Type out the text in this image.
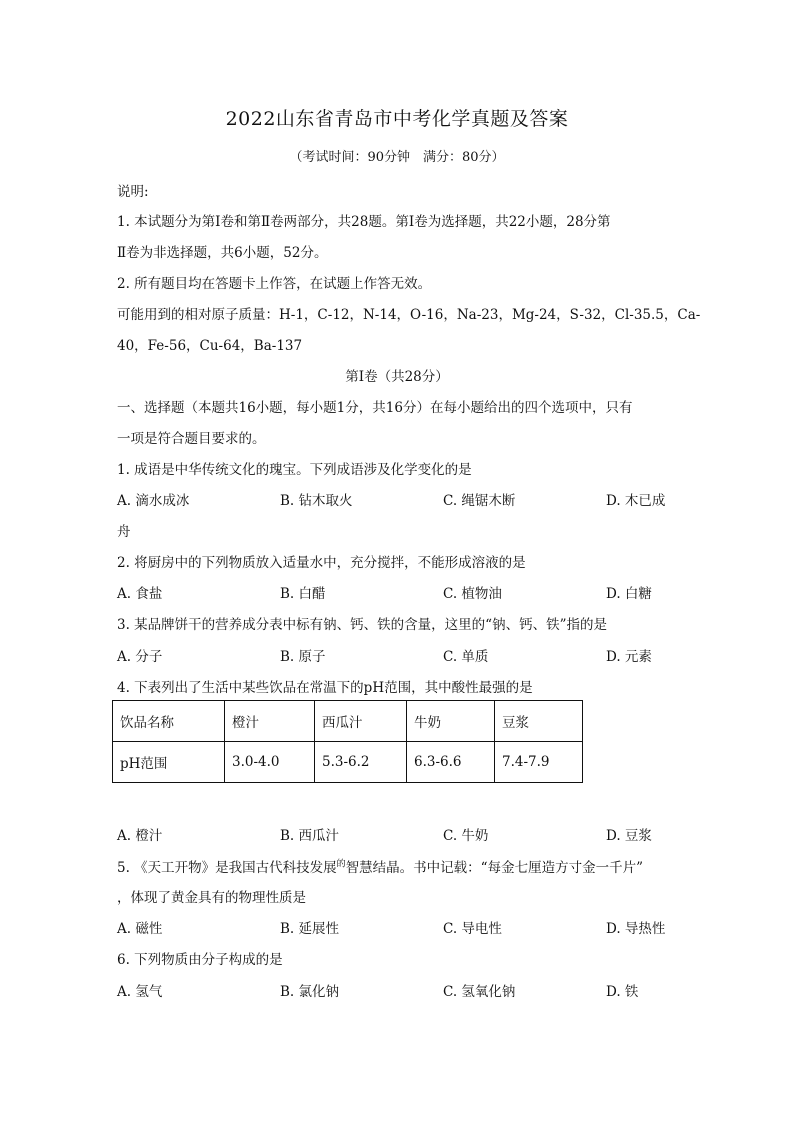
2022山东省青岛市中考化学真题及答案
（考试时间：90分钟　满分：80分）
说明:
1. 本试题分为第I卷和第Ⅱ卷两部分，共28题。第I卷为选择题，共22小题，28分第
Ⅱ卷为非选择题，共6小题，52分。
2. 所有题目均在答题卡上作答，在试题上作答无效。
可能用到的相对原子质量：H-1，C-12，N-14，O-16，Na-23，Mg-24，S-32，Cl-35.5，Ca-
40，Fe-56，Cu-64，Ba-137
第I卷（共28分）
一、选择题（本题共16小题，每小题1分，共16分）在每小题给出的四个选项中，只有
一项是符合题目要求的。
1. 成语是中华传统文化的瑰宝。下列成语涉及化学变化的是
A. 滴水成冰	B. 钻木取火	C. 绳锯木断	D. 木已成
舟
2. 将厨房中的下列物质放入适量水中，充分搅拌，不能形成溶液的是
A. 食盐	B. 白醋	C. 植物油	D. 白糖
3. 某品牌饼干的营养成分表中标有钠、钙、铁的含量，这里的“钠、钙、铁”指的是
A. 分子	B. 原子	C. 单质	D. 元素
4. 下表列出了生活中某些饮品在常温下的pH范围，其中酸性最强的是
饮品名称	橙汁	西瓜汁	牛奶	豆浆
pH范围	3.0-4.0	5.3-6.2	6.3-6.6	7.4-7.9
A. 橙汁	B. 西瓜汁	C. 牛奶	D. 豆浆
5. 《天工开物》是我国古代科技发展$^的$智慧结晶。书中记载：“每金七厘造方寸金一千片”
，体现了黄金具有的物理性质是
A. 磁性	B. 延展性	C. 导电性	D. 导热性
6. 下列物质由分子构成的是
A. 氢气	B. 氯化钠	C. 氢氧化钠	D. 铁
